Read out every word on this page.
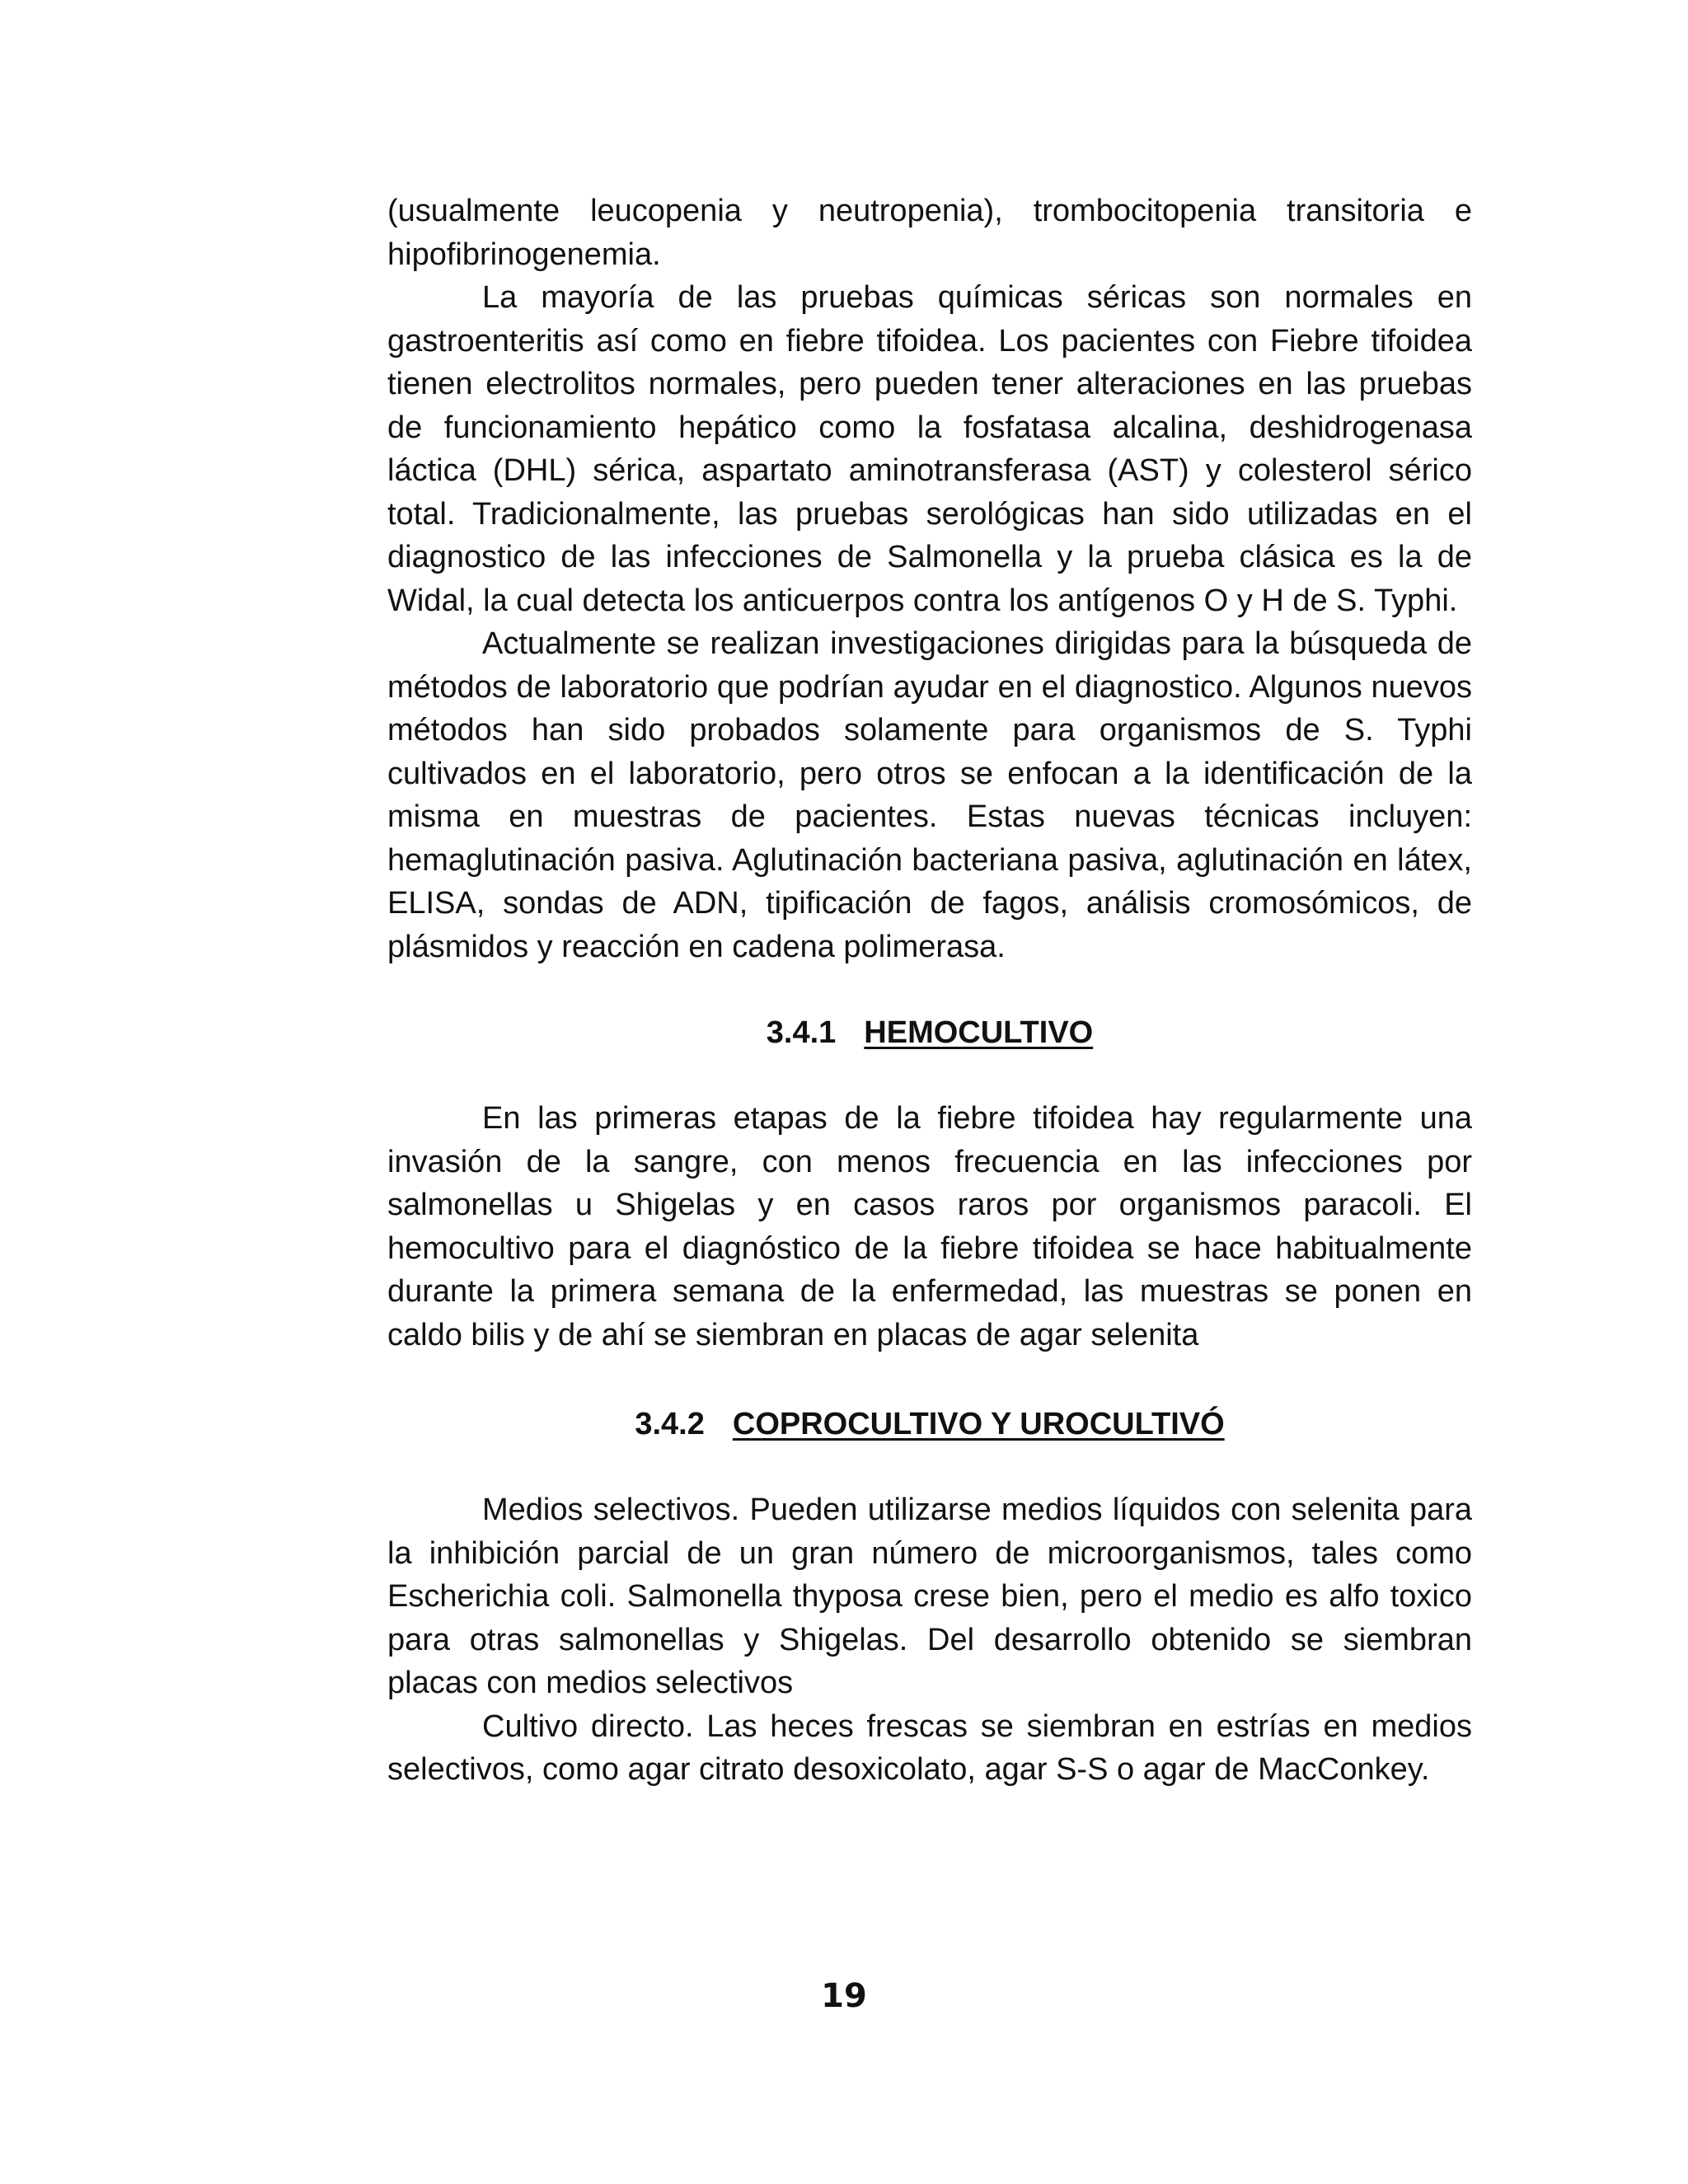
(usualmente leucopenia y neutropenia), trombocitopenia transitoria e hipofibrinogenemia.

La mayoría de las pruebas químicas séricas son normales en gastroenteritis así como en fiebre tifoidea. Los pacientes con Fiebre tifoidea tienen electrolitos normales, pero pueden tener alteraciones en las pruebas de funcionamiento hepático como la fosfatasa alcalina, deshidrogenasa láctica (DHL) sérica, aspartato aminotransferasa (AST) y colesterol sérico total. Tradicionalmente, las pruebas serológicas han sido utilizadas en el diagnostico de las infecciones de Salmonella y la prueba clásica es la de Widal, la cual detecta los anticuerpos contra los antígenos O y H de S. Typhi.

Actualmente se realizan investigaciones dirigidas para la búsqueda de métodos de laboratorio que podrían ayudar en el diagnostico. Algunos nuevos métodos han sido probados solamente para organismos de S. Typhi cultivados en el laboratorio, pero otros se enfocan a la identificación de la misma en muestras de pacientes. Estas nuevas técnicas incluyen: hemaglutinación pasiva. Aglutinación bacteriana pasiva, aglutinación en látex, ELISA, sondas de ADN, tipificación de fagos, análisis cromosómicos, de plásmidos y reacción en cadena polimerasa.

3.4.1 HEMOCULTIVO

En las primeras etapas de la fiebre tifoidea hay regularmente una invasión de la sangre, con menos frecuencia en las infecciones por salmonellas u Shigelas y en casos raros por organismos paracoli. El hemocultivo para el diagnóstico de la fiebre tifoidea se hace habitualmente durante la primera semana de la enfermedad, las muestras se ponen en caldo bilis y de ahí se siembran en placas de agar selenita

3.4.2 COPROCULTIVO Y UROCULTIVÓ

Medios selectivos. Pueden utilizarse medios líquidos con selenita para la inhibición parcial de un gran número de microorganismos, tales como Escherichia coli. Salmonella thyposa crese bien, pero el medio es alfo toxico para otras salmonellas y Shigelas. Del desarrollo obtenido se siembran placas con medios selectivos

Cultivo directo. Las heces frescas se siembran en estrías en medios selectivos, como agar citrato desoxicolato, agar S-S o agar de MacConkey.

19
